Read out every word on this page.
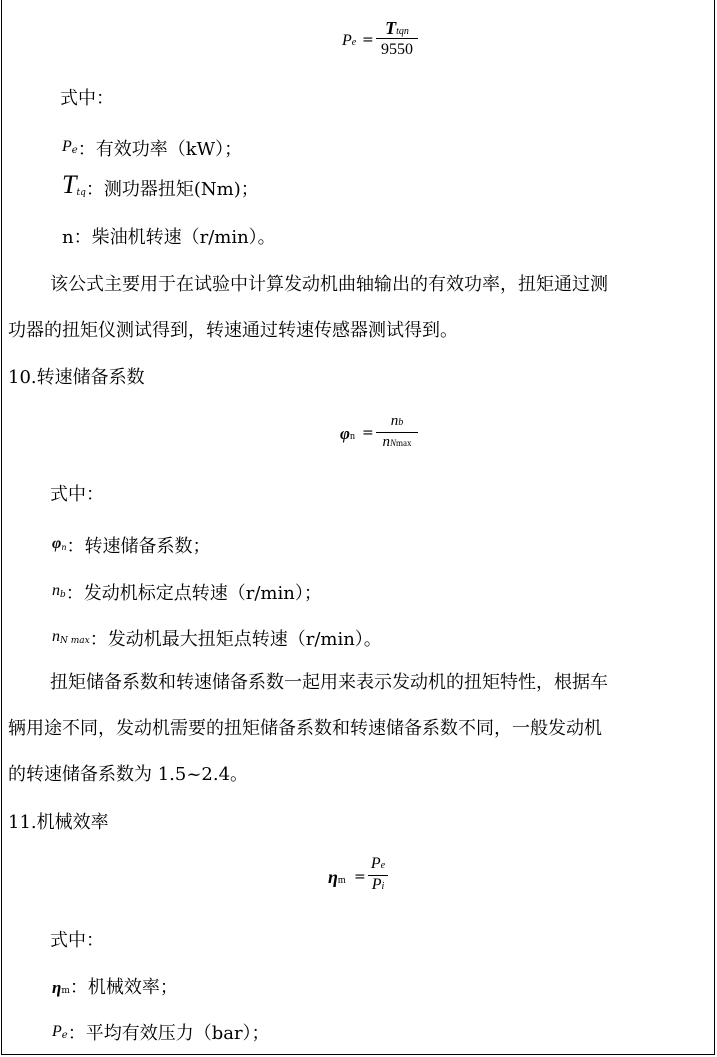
Pe =
Ttqn
9550
式中：
$P^e$：有效功率（kW）；
Ttq：测功器扭矩(Nm)；
n：柴油机转速（r/min）。
该公式主要用于在试验中计算发动机曲轴输出的有效功率，扭矩通过测
功器的扭矩仪测试得到，转速通过转速传感器测试得到。
10.转速储备系数
φn =
nb
nNmax
式中：
$\varphi^n$：转速储备系数；
$n^b$：发动机标定点转速（r/min）；
$n^{N max}$：发动机最大扭矩点转速（r/min）。
扭矩储备系数和转速储备系数一起用来表示发动机的扭矩特性，根据车
辆用途不同，发动机需要的扭矩储备系数和转速储备系数不同，一般发动机
的转速储备系数为 1.5~2.4。
11.机械效率
ηm =
Pe
Pi
式中：
ηm：机械效率；
Pe：平均有效压力（bar）；
